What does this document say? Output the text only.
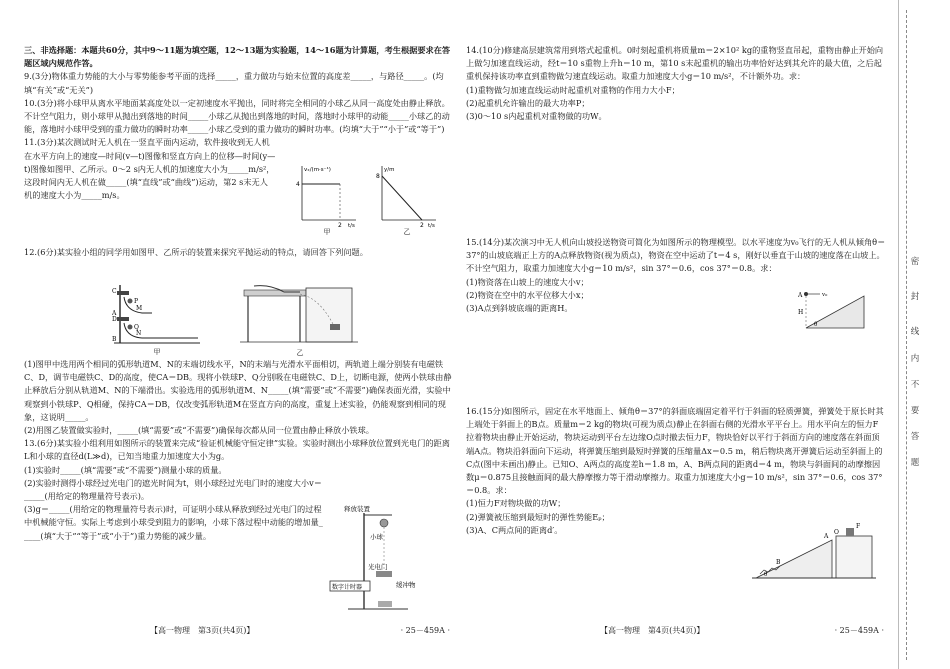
三、非选择题：本题共60分，其中9～11题为填空题，12～13题为实验题，14～16题为计算题，考生根据要求在答题区域内规范作答。

9.(3分)物体重力势能的大小与零势能参考平面的选择_____，重力做功与始末位置的高度差_____，与路径_____。(均填“有关”或“无关”)

10.(3分)将小球甲从离水平地面某高度处以一定初速度水平抛出，同时将完全相同的小球乙从同一高度处由静止释放。不计空气阻力，则小球甲从抛出到落地的时间_____小球乙从抛出到落地的时间，落地时小球甲的动能_____小球乙的动能，落地时小球甲受到的重力做功的瞬时功率_____小球乙受到的重力做功的瞬时功率。(均填“大于”“小于”或“等于”)

11.(3分)某次测试时无人机在一竖直平面内运动，软件接收到无人机在水平方向上的速度—时间(v—t)图像和竖直方向上的位移—时间(y—t)图像如图甲、乙所示。0～2 s内无人机的加速度大小为_____m/s²，这段时间内无人机在做_____(填“直线”或“曲线”)运动，第2 s末无人机的速度大小为_____m/s。

vₓ/(m·s⁻¹)
4
2 t/s
甲
y/m
8
2 t/s
乙

12.(6分)某实验小组的同学用如图甲、乙所示的装置来探究平抛运动的特点，请回答下列问题。

C
P
M
A
D
Q
B
N
甲	乙

(1)图甲中选用两个相同的弧形轨道M、N的末端切线水平，N的末端与光滑水平面相切，两轨道上端分别装有电磁铁C、D，调节电磁铁C、D的高度，使CA＝DB。现将小铁球P、Q分别吸在电磁铁C、D上，切断电源，使两小铁球由静止释放后分别从轨道M、N的下端滑出。实验选用的弧形轨道M、N_____(填“需要”或“不需要”)确保表面光滑，实验中观察到小铁球P、Q相碰，保持CA＝DB，仅改变弧形轨道M在竖直方向的高度，重复上述实验，仍能观察到相同的现象，这说明_____。

(2)用图乙装置做实验时，_____(填“需要”或“不需要”)确保每次都从同一位置由静止释放小铁球。

13.(6分)某实验小组利用如图所示的装置来完成“验证机械能守恒定律”实验。实验时测出小球释放位置到光电门的距离L和小球的直径d(L≫d)，已知当地重力加速度大小为g。

(1)实验时_____(填“需要”或“不需要”)测量小球的质量。

(2)实验时测得小球经过光电门的遮光时间为t，则小球经过光电门时的速度大小v＝_____(用给定的物理量符号表示)。

(3)g＝_____(用给定的物理量符号表示)时，可证明小球从释放到经过光电门的过程中机械能守恒。实际上考虑到小球受到阻力的影响，小球下落过程中动能的增加量_____(填“大于”“等于”或“小于”)重力势能的减少量。

释放装置
小球
光电门
数字计时器	缓冲物
【高一物理　第3页(共4页)】	· 25－459A ·

14.(10分)修建高层建筑常用到塔式起重机。0时刻起重机将质量m＝2×10² kg的重物竖直吊起，重物由静止开始向上做匀加速直线运动，经t＝10 s重物上升h＝10 m，第10 s末起重机的输出功率恰好达到其允许的最大值，之后起重机保持该功率直到重物做匀速直线运动。取重力加速度大小g＝10 m/s²，不计额外功。求：

(1)重物做匀加速直线运动时起重机对重物的作用力大小F；

(2)起重机允许输出的最大功率P；

(3)0～10 s内起重机对重物做的功W。

15.(14分)某次演习中无人机向山坡投送物资可简化为如图所示的物理模型。以水平速度为v₀飞行的无人机从倾角θ＝37°的山坡底端正上方的A点释放物资(视为质点)，物资在空中运动了t＝4 s，刚好以垂直于山坡的速度落在山坡上。不计空气阻力，取重力加速度大小g＝10 m/s²，sin 37°＝0.6，cos 37°＝0.8。求：

(1)物资落在山坡上的速度大小v；

(2)物资在空中的水平位移大小x；

(3)A点到斜坡底端的距离H。

A	v₀
H
θ

16.(15分)如图所示，固定在水平地面上、倾角θ＝37°的斜面底端固定着平行于斜面的轻质弹簧，弹簧处于原长时其上端处于斜面上的B点。质量m＝2 kg的物块(可视为质点)静止在斜面右侧的光滑水平平台上。用水平向左的恒力F拉着物块由静止开始运动，物块运动到平台左边缘O点时撤去恒力F，物块恰好以平行于斜面方向的速度落在斜面顶端A点。物块沿斜面向下运动，将弹簧压缩到最短时弹簧的压缩量Δx＝0.5 m，稍后物块离开弹簧后运动至斜面上的C点(图中未画出)静止。已知O、A两点的高度差h＝1.8 m，A、B两点间的距离d＝4 m，物块与斜面间的动摩擦因数μ＝0.875且接触面间的最大静摩擦力等于滑动摩擦力。取重力加速度大小g＝10 m/s²，sin 37°＝0.6，cos 37°＝0.8。求：

(1)恒力F对物块做的功W；

(2)弹簧被压缩到最短时的弹性势能Eₚ；

(3)A、C两点间的距离d′。

B
A
θ
O
F
【高一物理　第4页(共4页)】	· 25－459A ·
密
封
线
内
不
要
答
题
